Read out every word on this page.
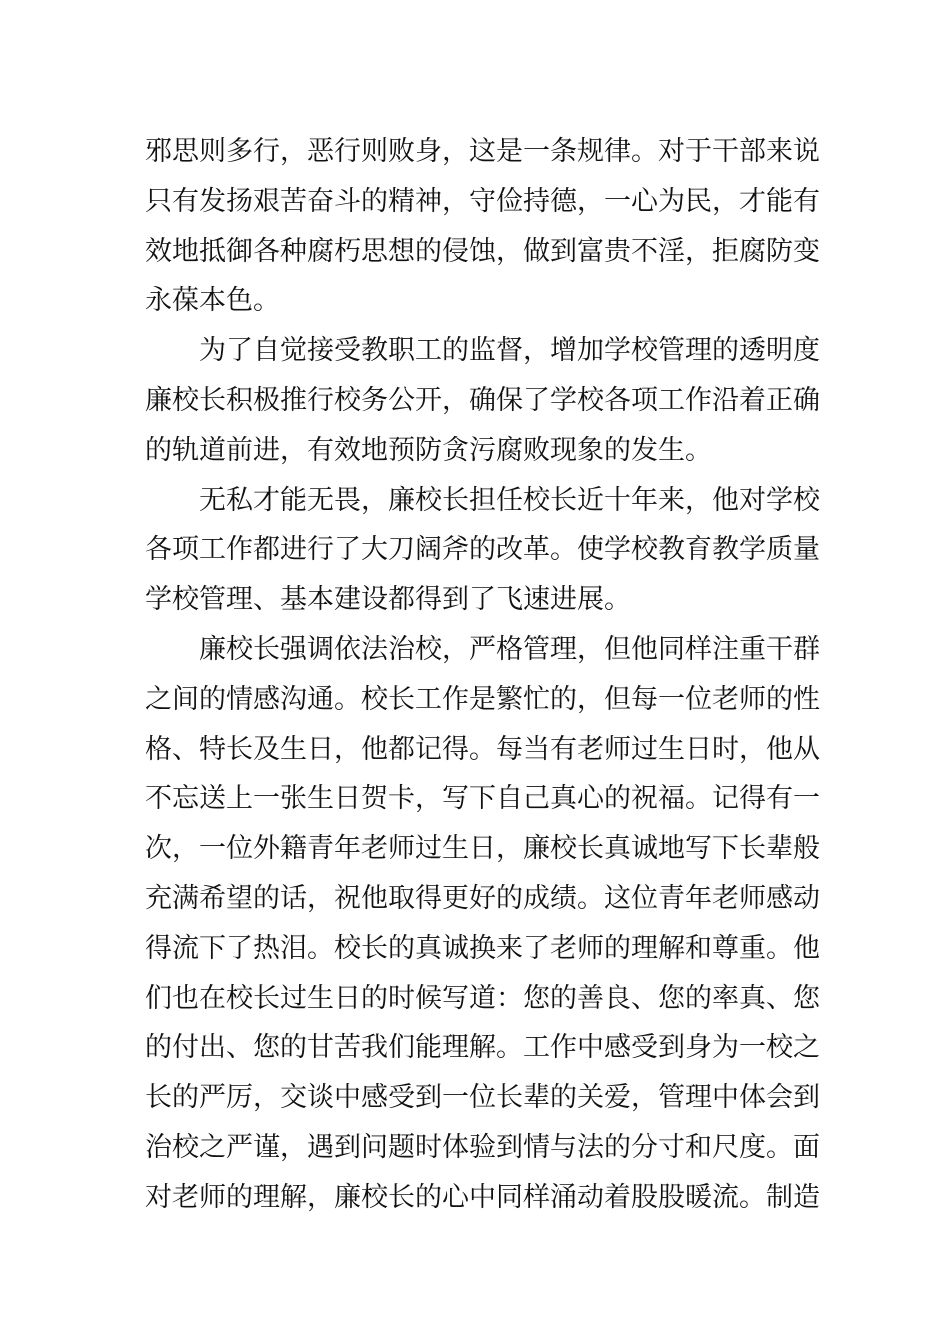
邪思则多行，恶行则败身，这是一条规律。对于干部来说
只有发扬艰苦奋斗的精神，守俭持德，一心为民，才能有
效地抵御各种腐朽思想的侵蚀，做到富贵不淫，拒腐防变
永葆本色。

为了自觉接受教职工的监督，增加学校管理的透明度
廉校长积极推行校务公开，确保了学校各项工作沿着正确
的轨道前进，有效地预防贪污腐败现象的发生。

无私才能无畏，廉校长担任校长近十年来，他对学校
各项工作都进行了大刀阔斧的改革。使学校教育教学质量
学校管理、基本建设都得到了飞速进展。

廉校长强调依法治校，严格管理，但他同样注重干群
之间的情感沟通。校长工作是繁忙的，但每一位老师的性
格、特长及生日，他都记得。每当有老师过生日时，他从
不忘送上一张生日贺卡，写下自己真心的祝福。记得有一
次，一位外籍青年老师过生日，廉校长真诚地写下长辈般
充满希望的话，祝他取得更好的成绩。这位青年老师感动
得流下了热泪。校长的真诚换来了老师的理解和尊重。他
们也在校长过生日的时候写道：您的善良、您的率真、您
的付出、您的甘苦我们能理解。工作中感受到身为一校之
长的严厉，交谈中感受到一位长辈的关爱，管理中体会到
治校之严谨，遇到问题时体验到情与法的分寸和尺度。面
对老师的理解，廉校长的心中同样涌动着股股暖流。制造
